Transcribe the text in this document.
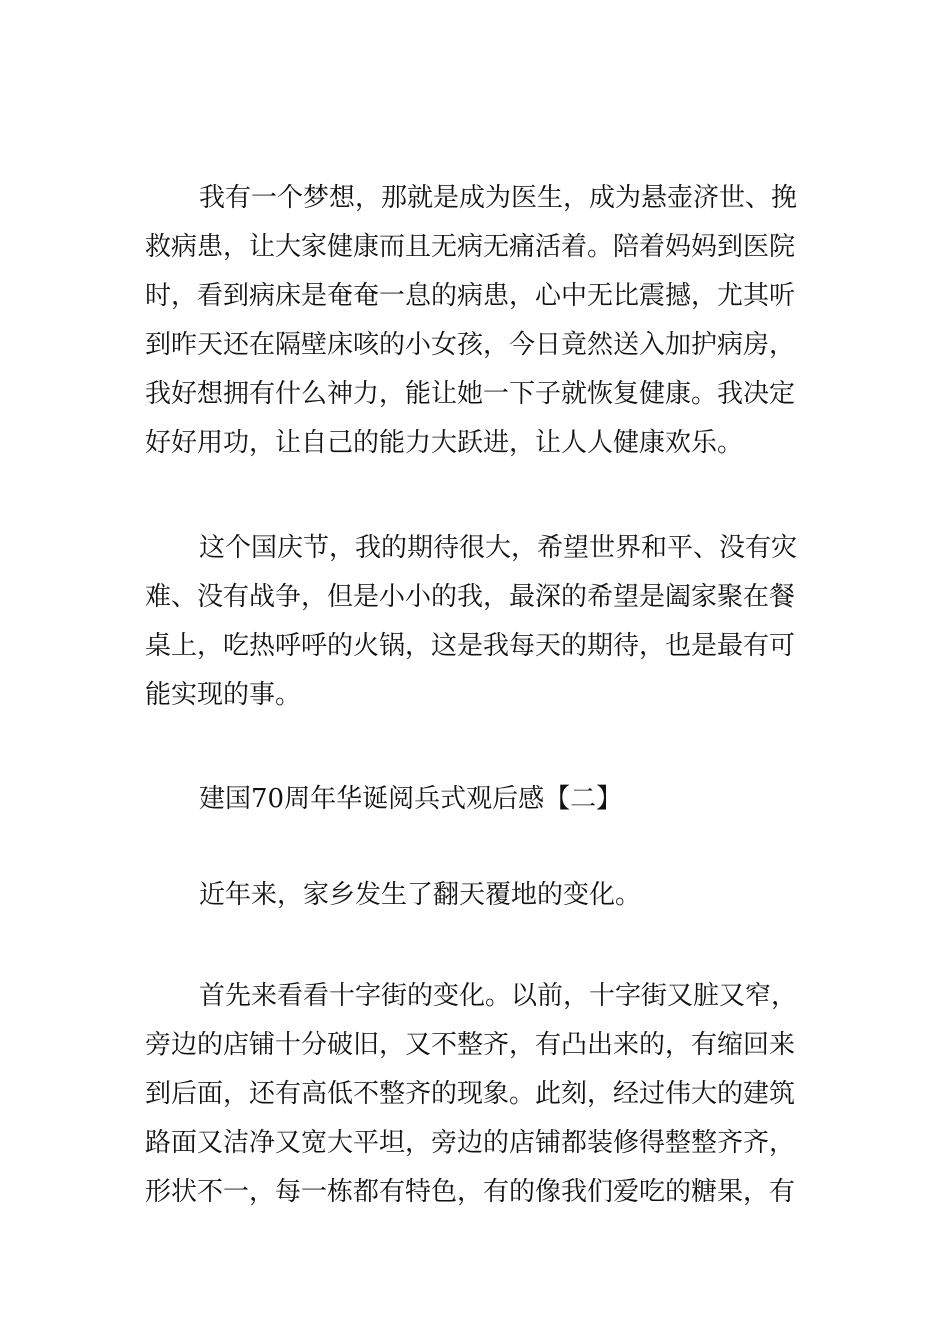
我有一个梦想，那就是成为医生，成为悬壶济世、挽
救病患，让大家健康而且无病无痛活着。陪着妈妈到医院
时，看到病床是奄奄一息的病患，心中无比震撼，尤其听
到昨天还在隔壁床咳的小女孩，今日竟然送入加护病房，
我好想拥有什么神力，能让她一下子就恢复健康。我决定
好好用功，让自己的能力大跃进，让人人健康欢乐。

这个国庆节，我的期待很大，希望世界和平、没有灾
难、没有战争，但是小小的我，最深的希望是阖家聚在餐
桌上，吃热呼呼的火锅，这是我每天的期待，也是最有可
能实现的事。

建国70周年华诞阅兵式观后感【二】

近年来，家乡发生了翻天覆地的变化。

首先来看看十字街的变化。以前，十字街又脏又窄，
旁边的店铺十分破旧，又不整齐，有凸出来的，有缩回来
到后面，还有高低不整齐的现象。此刻，经过伟大的建筑
路面又洁净又宽大平坦，旁边的店铺都装修得整整齐齐，
形状不一，每一栋都有特色，有的像我们爱吃的糖果，有
